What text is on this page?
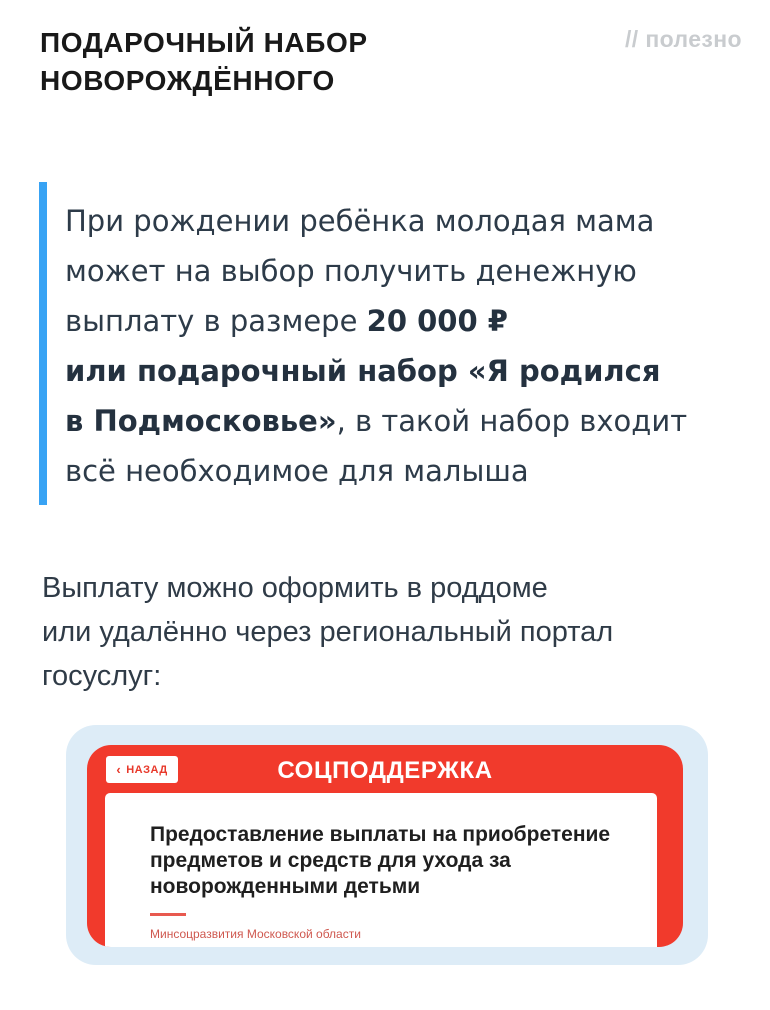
ПОДАРОЧНЫЙ НАБОР
НОВОРОЖДЁННОГО
// полезно
При рождении ребёнка молодая мама
может на выбор получить денежную
выплату в размере 20 000 ₽
или подарочный набор «Я родился
в Подмосковье», в такой набор входит
всё необходимое для малыша
Выплату можно оформить в роддоме
или удалённо через региональный портал
госуслуг:
‹ НАЗАД	СОЦПОДДЕРЖКА
Предоставление выплаты на приобретение предметов и средств для ухода за новорожденными детьми
Минсоцразвития Московской области
